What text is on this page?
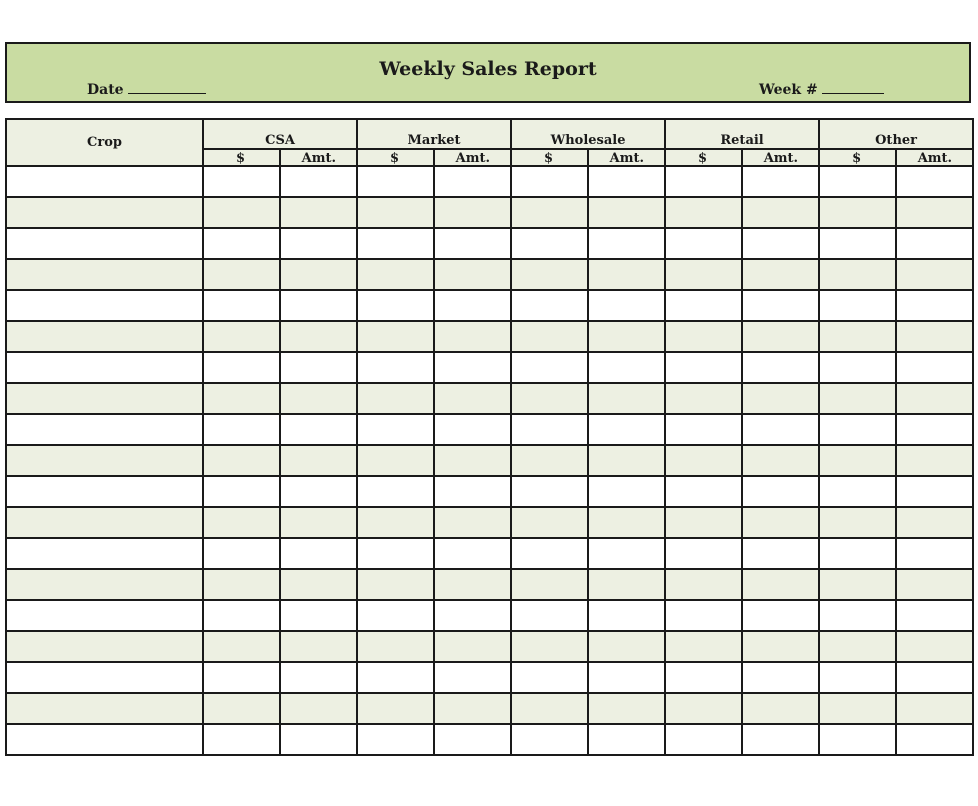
Weekly Sales Report
Date	Week #
Crop	CSA		Market		Wholesale		Retail		Other	
	$	Amt.	$	Amt.	$	Amt.	$	Amt.	$	Amt.
